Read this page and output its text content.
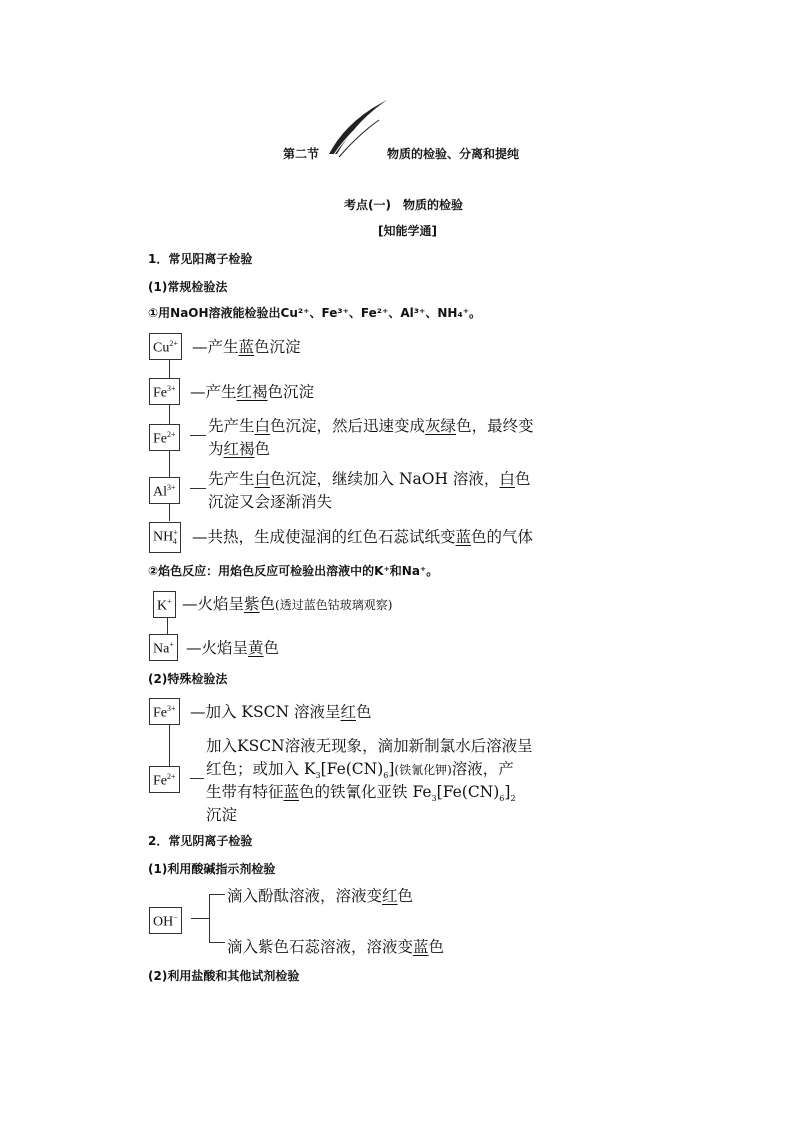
第二节	物质的检验、分离和提纯
考点(一)　物质的检验
[知能学通]
1．常见阳离子检验
(1)常规检验法
①用NaOH溶液能检验出Cu²⁺、Fe³⁺、Fe²⁺、Al³⁺、NH₄⁺。
$Cu^{2+}$ —产生蓝色沉淀
$Fe^{3+}$ —产生红褐色沉淀
$Fe^{2+}$ 先产生白色沉淀，然后迅速变成灰绿色，最终变
为红褐色
$Al^{3+}$ 先产生白色沉淀，继续加入 NaOH 溶液，白色
沉淀又会逐渐消失
$NH^+_4$ —共热，生成使湿润的红色石蕊试纸变蓝色的气体
②焰色反应：用焰色反应可检验出溶液中的K⁺和Na⁺。
K+ —火焰呈紫色(透过蓝色钴玻璃观察)
Na+ —火焰呈黄色
(2)特殊检验法
$Fe^{3+}$ —加入 KSCN 溶液呈红色
$Fe^{2+}$
加入KSCN溶液无现象，滴加新制氯水后溶液呈
红色；或加入 $K_3[Fe(CN)_6]$(铁氰化钾)溶液，产
生带有特征蓝色的铁氰化亚铁 $Fe_3[Fe(CN)_6]_2$
沉淀
2．常见阴离子检验
(1)利用酸碱指示剂检验
OH−
滴入酚酞溶液，溶液变红色
滴入紫色石蕊溶液，溶液变蓝色
(2)利用盐酸和其他试剂检验
